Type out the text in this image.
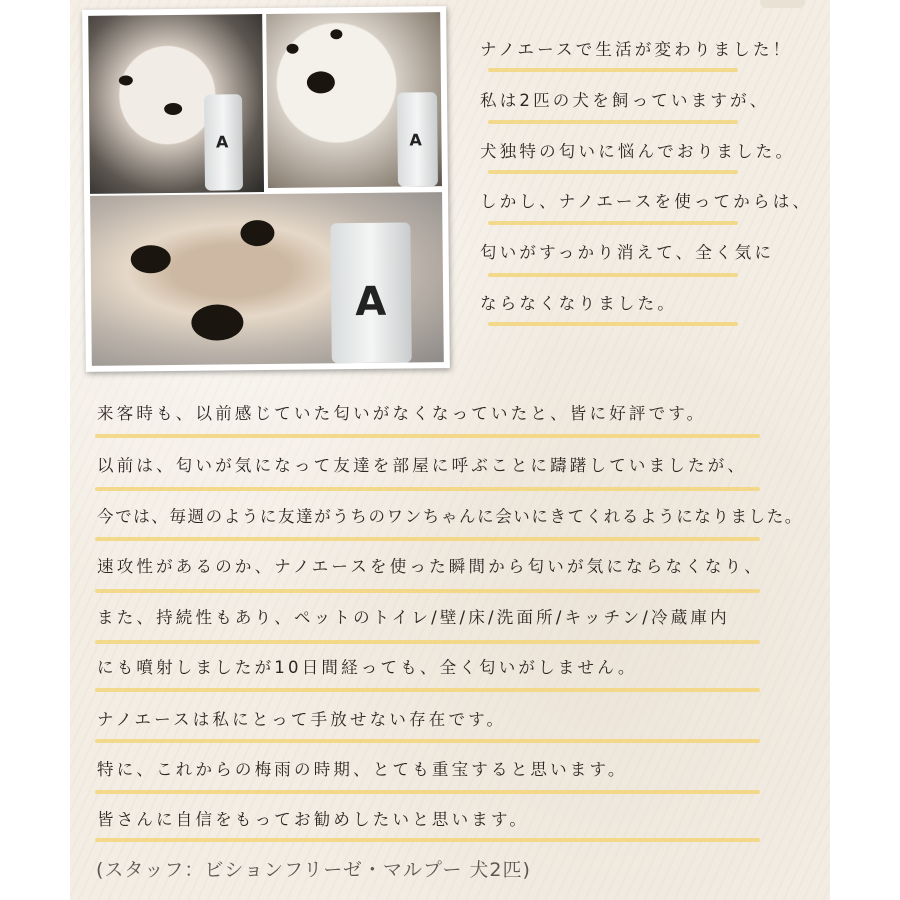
A	A
A
ナノエースで生活が変わりました！
私は2匹の犬を飼っていますが、
犬独特の匂いに悩んでおりました。
しかし、ナノエースを使ってからは、
匂いがすっかり消えて、全く気に
ならなくなりました。
来客時も、以前感じていた匂いがなくなっていたと、皆に好評です。
以前は、匂いが気になって友達を部屋に呼ぶことに躊躇していましたが、
今では、毎週のように友達がうちのワンちゃんに会いにきてくれるようになりました。
速攻性があるのか、ナノエースを使った瞬間から匂いが気にならなくなり、
また、持続性もあり、ペットのトイレ/壁/床/洗面所/キッチン/冷蔵庫内
にも噴射しましたが10日間経っても、全く匂いがしません。
ナノエースは私にとって手放せない存在です。
特に、これからの梅雨の時期、とても重宝すると思います。
皆さんに自信をもってお勧めしたいと思います。
(スタッフ：ビションフリーゼ・マルプー 犬2匹)
